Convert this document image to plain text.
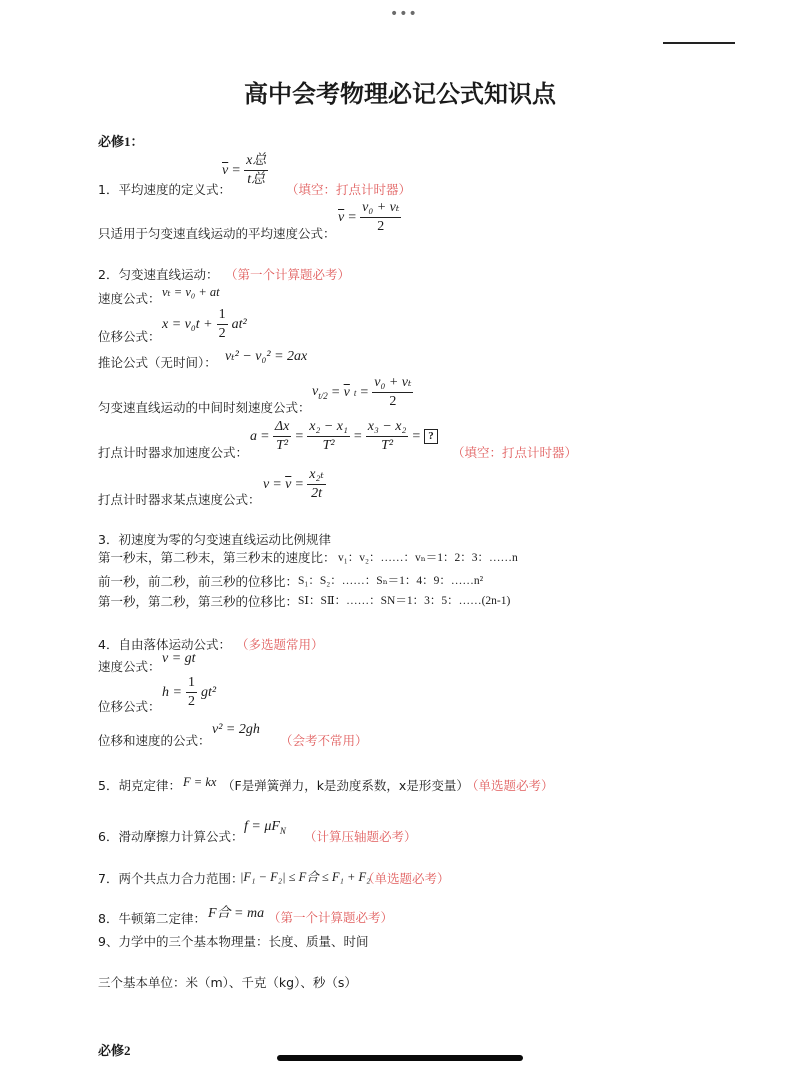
•••
高中会考物理必记公式知识点
必修1：
$\overline{v} = \frac{\text{x总}}{\text{t总}}$
1．平均速度的定义式：	（填空：打点计时器）
$\overline{v} = \frac{\text{v₀ + vₜ}}{2}$
只适用于匀变速直线运动的平均速度公式：
2．匀变速直线运动： （第一个计算题必考）
速度公式： vₜ = v₀ + at
$x = v_0t + \frac{1}{2} at^2$
位移公式：
推论公式（无时间）： vₜ² − v₀² = 2ax
$v_{t/2} = \overline{v}$ $t = \frac{\text{v₀ + vₜ}}{2}$
匀变速直线运动的中间时刻速度公式：
$a = \frac{\Delta x}{\text{T²}} = \frac{\text{x₂ − x₁}}{\text{T²}} = \frac{\text{x₃ − x₂}}{\text{T²}}$ = ?
打点计时器求加速度公式：	（填空：打点计时器）
$v = \overline{v} = \frac{\text{x₂ₜ}}{2t}$
打点计时器求某点速度公式：
3．初速度为零的匀变速直线运动比例规律
第一秒末，第二秒末，第三秒末的速度比： v₁：v₂：……：vₙ＝1：2：3：……n
前一秒，前二秒，前三秒的位移比： S₁：S₂：……：Sₙ＝1：4：9：……n²
第一秒，第二秒，第三秒的位移比： SⅠ：SⅡ：……：SN＝1：3：5：……(2n-1)
4．自由落体运动公式： （多选题常用）
速度公式：
v = gt
$h = \frac{1}{2} gt^2$
位移公式：
位移和速度的公式：
v² = 2gh
（会考不常用）
5．胡克定律： F = kx （F是弹簧弹力，k是劲度系数，x是形变量）
（单选题必考）
6．滑动摩擦力计算公式：
$f = \mu F_N$ （计算压轴题必考）
7．两个共点力合力范围：
|F₁ − F₂| ≤ F合 ≤ F₁ + F₂
（单选题必考）
8．牛顿第二定律： F合 = ma （第一个计算题必考）
9、力学中的三个基本物理量：长度、质量、时间
三个基本单位：米（m）、千克（kg）、秒（s）
必修2
